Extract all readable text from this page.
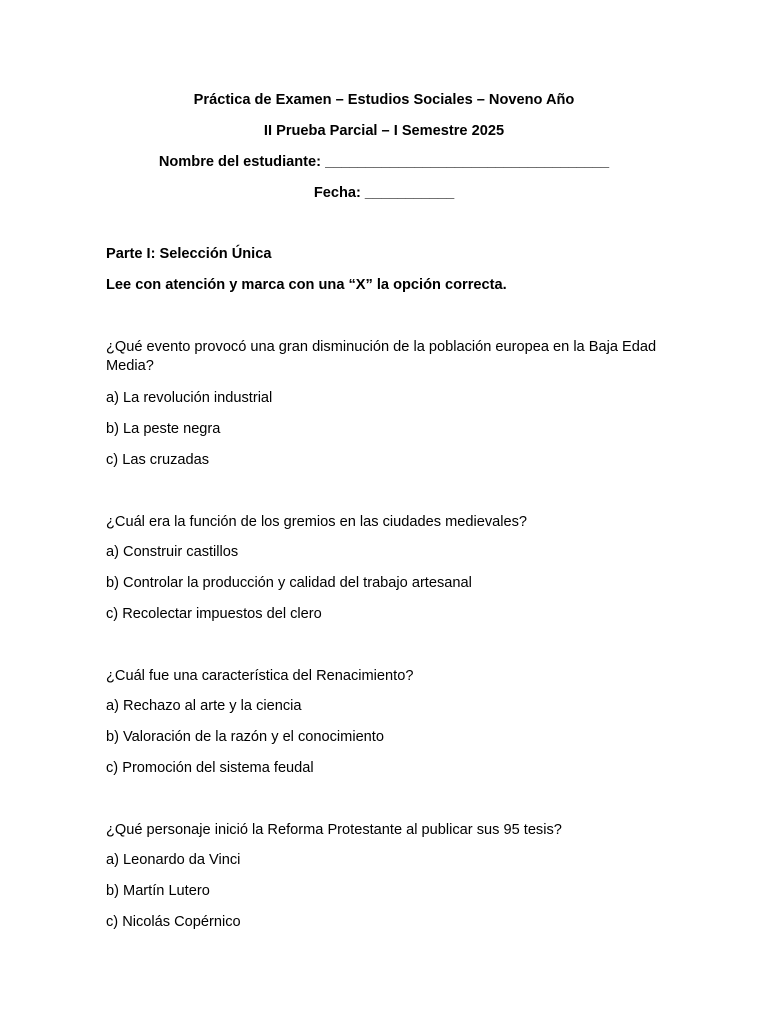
Práctica de Examen – Estudios Sociales – Noveno Año
II Prueba Parcial – I Semestre 2025
Nombre del estudiante: ___________________________________
Fecha: ___________
Parte I: Selección Única
Lee con atención y marca con una “X” la opción correcta.
¿Qué evento provocó una gran disminución de la población europea en la Baja Edad Media?
a) La revolución industrial
b) La peste negra
c) Las cruzadas
¿Cuál era la función de los gremios en las ciudades medievales?
a) Construir castillos
b) Controlar la producción y calidad del trabajo artesanal
c) Recolectar impuestos del clero
¿Cuál fue una característica del Renacimiento?
a) Rechazo al arte y la ciencia
b) Valoración de la razón y el conocimiento
c) Promoción del sistema feudal
¿Qué personaje inició la Reforma Protestante al publicar sus 95 tesis?
a) Leonardo da Vinci
b) Martín Lutero
c) Nicolás Copérnico
